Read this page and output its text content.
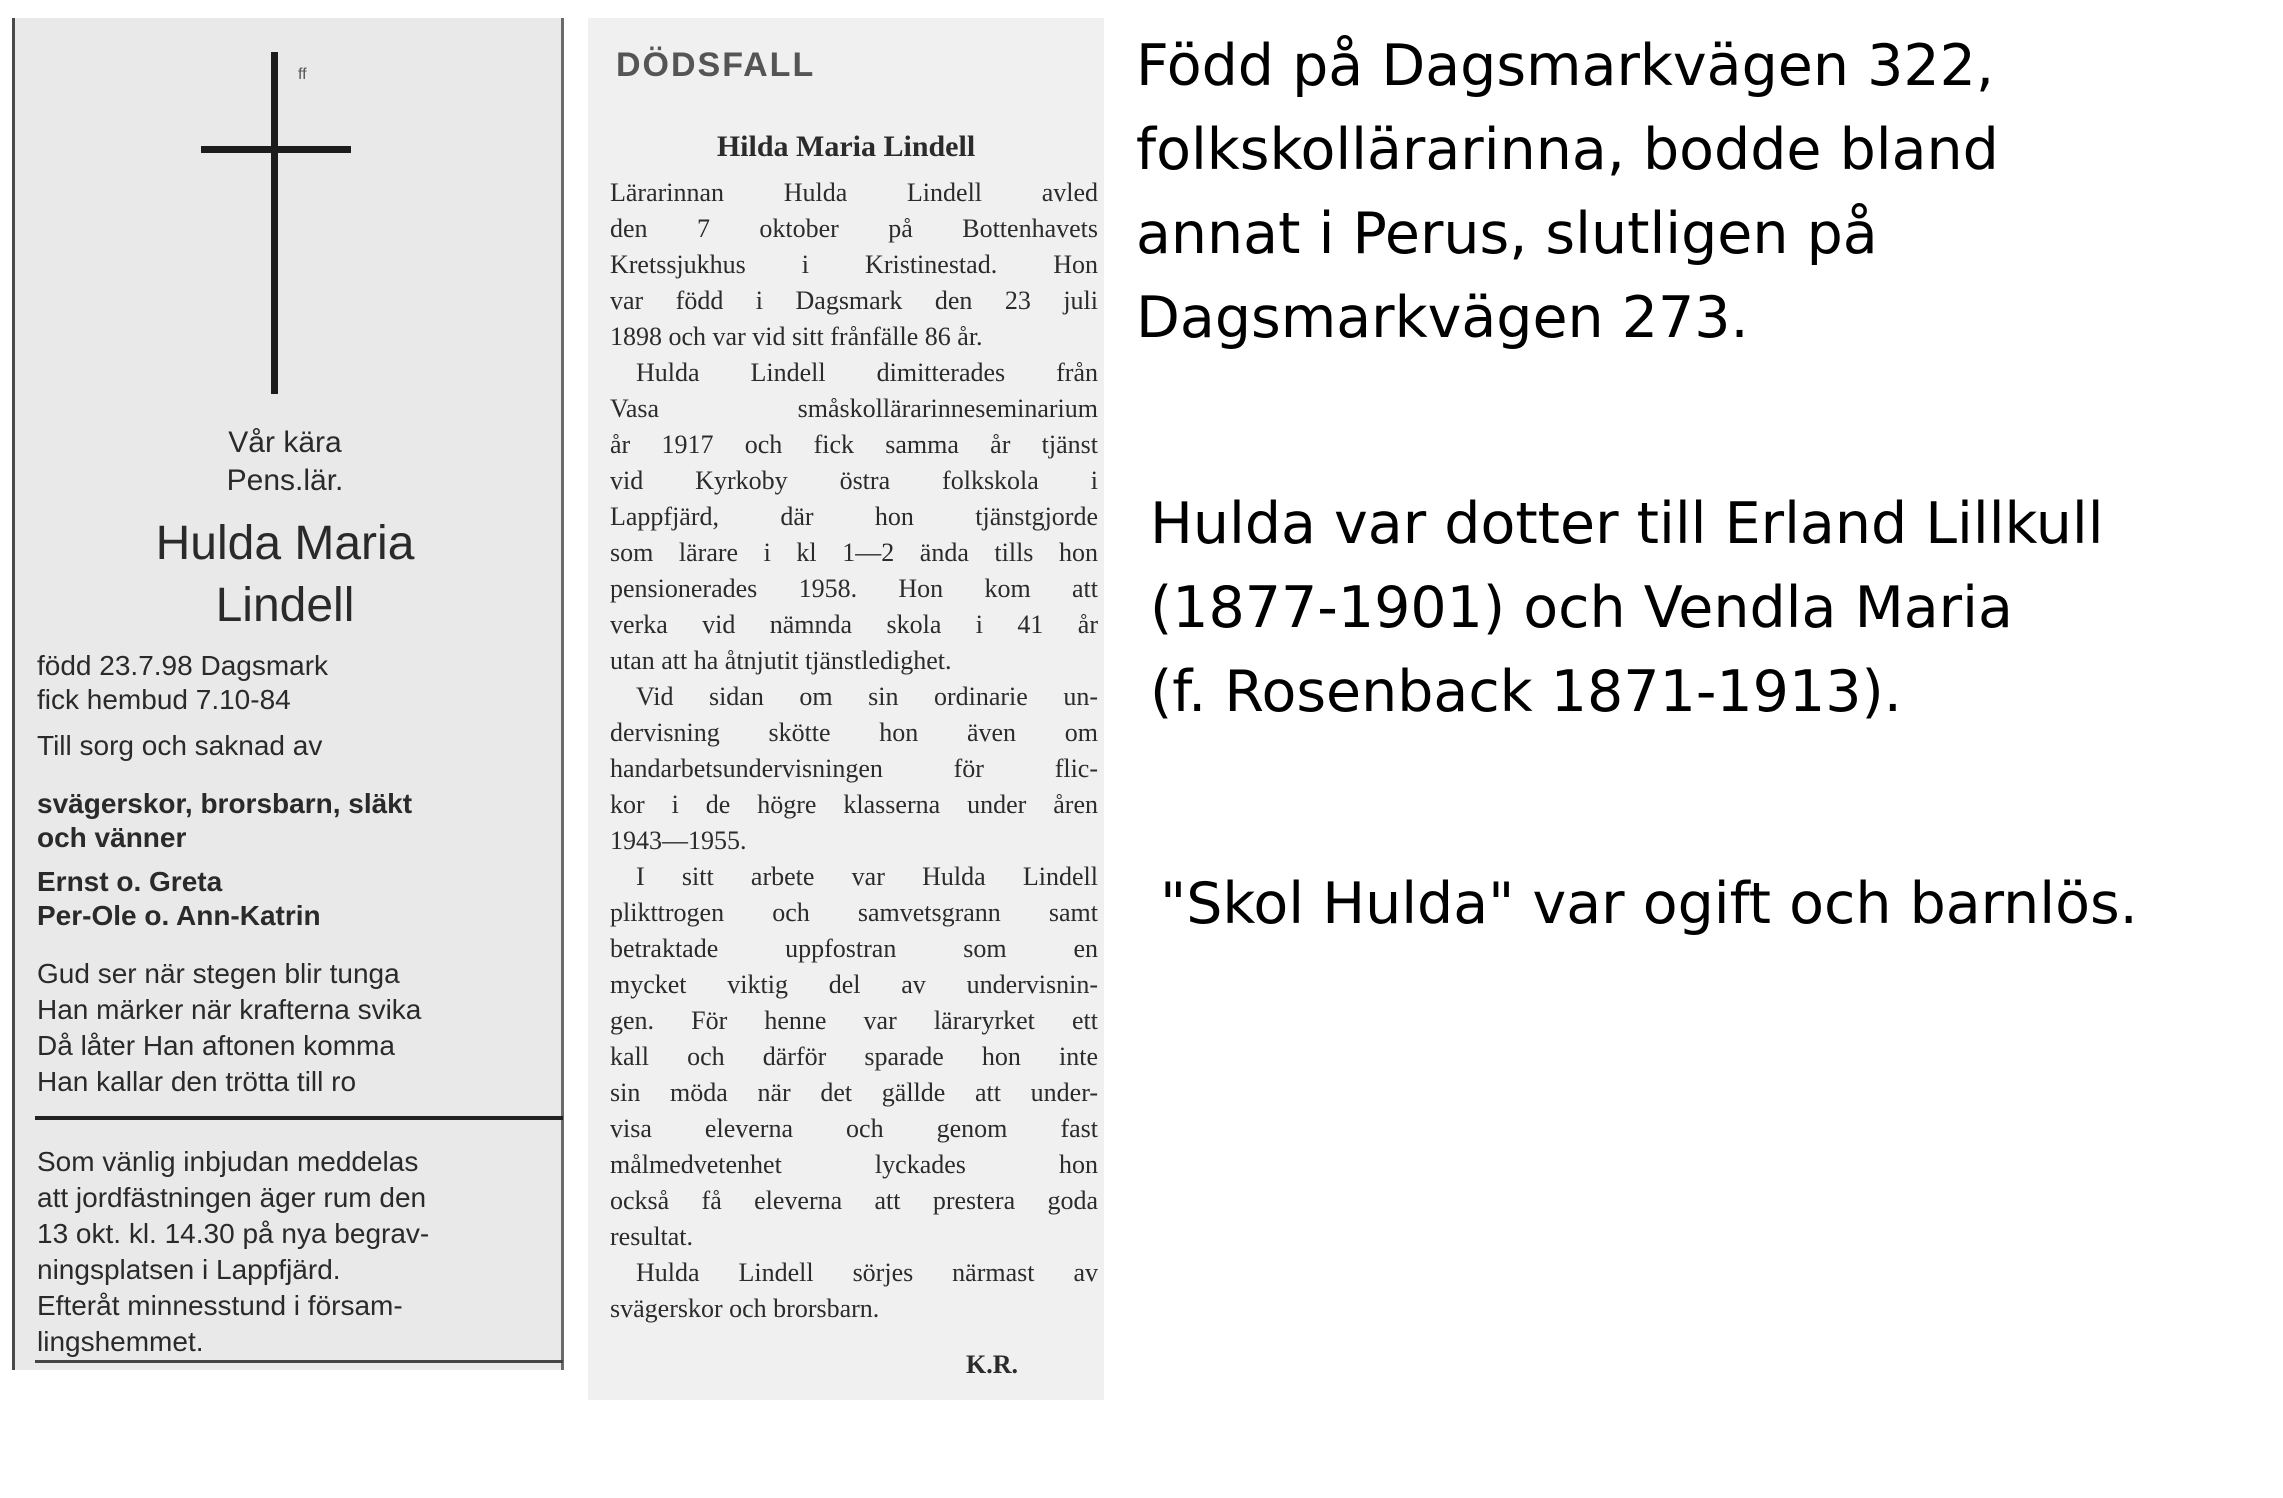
ff
Vår kära
Pens.lär.
Hulda Maria
Lindell
född 23.7.98 Dagsmark
fick hembud 7.10-84
Till sorg och saknad av
svägerskor, brorsbarn, släkt
och vänner
Ernst o. Greta
Per-Ole o. Ann-Katrin
Gud ser när stegen blir tunga
Han märker när krafterna svika
Då låter Han aftonen komma
Han kallar den trötta till ro
Som vänlig inbjudan meddelas
att jordfästningen äger rum den
13 okt. kl. 14.30 på nya begrav-
ningsplatsen i Lappfjärd.
Efteråt minnesstund i försam-
lingshemmet.
DÖDSFALL
Hilda Maria Lindell
Lärarinnan Hulda Lindell avled
den 7 oktober på Bottenhavets
Kretssjukhus i Kristinestad. Hon
var född i Dagsmark den 23 juli
1898 och var vid sitt frånfälle 86 år.
Hulda Lindell dimitterades från
Vasa småskollärarinneseminarium
år 1917 och fick samma år tjänst
vid Kyrkoby östra folkskola i
Lappfjärd, där hon tjänstgjorde
som lärare i kl 1—2 ända tills hon
pensionerades 1958. Hon kom att
verka vid nämnda skola i 41 år
utan att ha åtnjutit tjänstledighet.
Vid sidan om sin ordinarie un-
dervisning skötte hon även om
handarbetsundervisningen för flic-
kor i de högre klasserna under åren
1943—1955.
I sitt arbete var Hulda Lindell
plikttrogen och samvetsgrann samt
betraktade uppfostran som en
mycket viktig del av undervisnin-
gen. För henne var läraryrket ett
kall och därför sparade hon inte
sin möda när det gällde att under-
visa eleverna och genom fast
målmedvetenhet lyckades hon
också få eleverna att prestera goda
resultat.
Hulda Lindell sörjes närmast av
svägerskor och brorsbarn.
K.R.
Född på Dagsmarkvägen 322,
folkskollärarinna, bodde bland
annat i Perus, slutligen på
Dagsmarkvägen 273.
Hulda var dotter till Erland Lillkull
(1877-1901) och Vendla Maria
(f. Rosenback 1871-1913).
"Skol Hulda" var ogift och barnlös.
